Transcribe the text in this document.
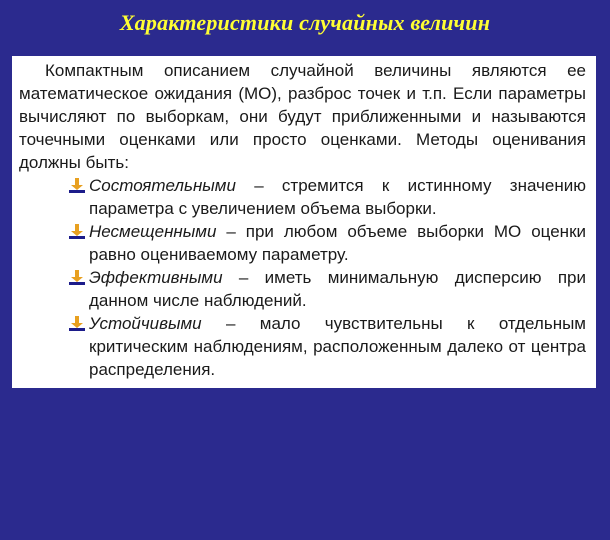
Характеристики случайных величин

Компактным описанием случайной величины являются ее математическое ожидания (МО), разброс точек и т.п. Если параметры вычисляют по выборкам, они будут приближенными и называются точечными оценками или просто оценками. Методы оценивания должны быть:

Состоятельными – стремится к истинному значению параметра с увеличением объема выборки.
Несмещенными – при любом объеме выборки МО оценки равно оцениваемому параметру.
Эффективными – иметь минимальную дисперсию при данном числе наблюдений.
Устойчивыми – мало чувствительны к отдельным критическим наблюдениям, расположенным далеко от центра распределения.
